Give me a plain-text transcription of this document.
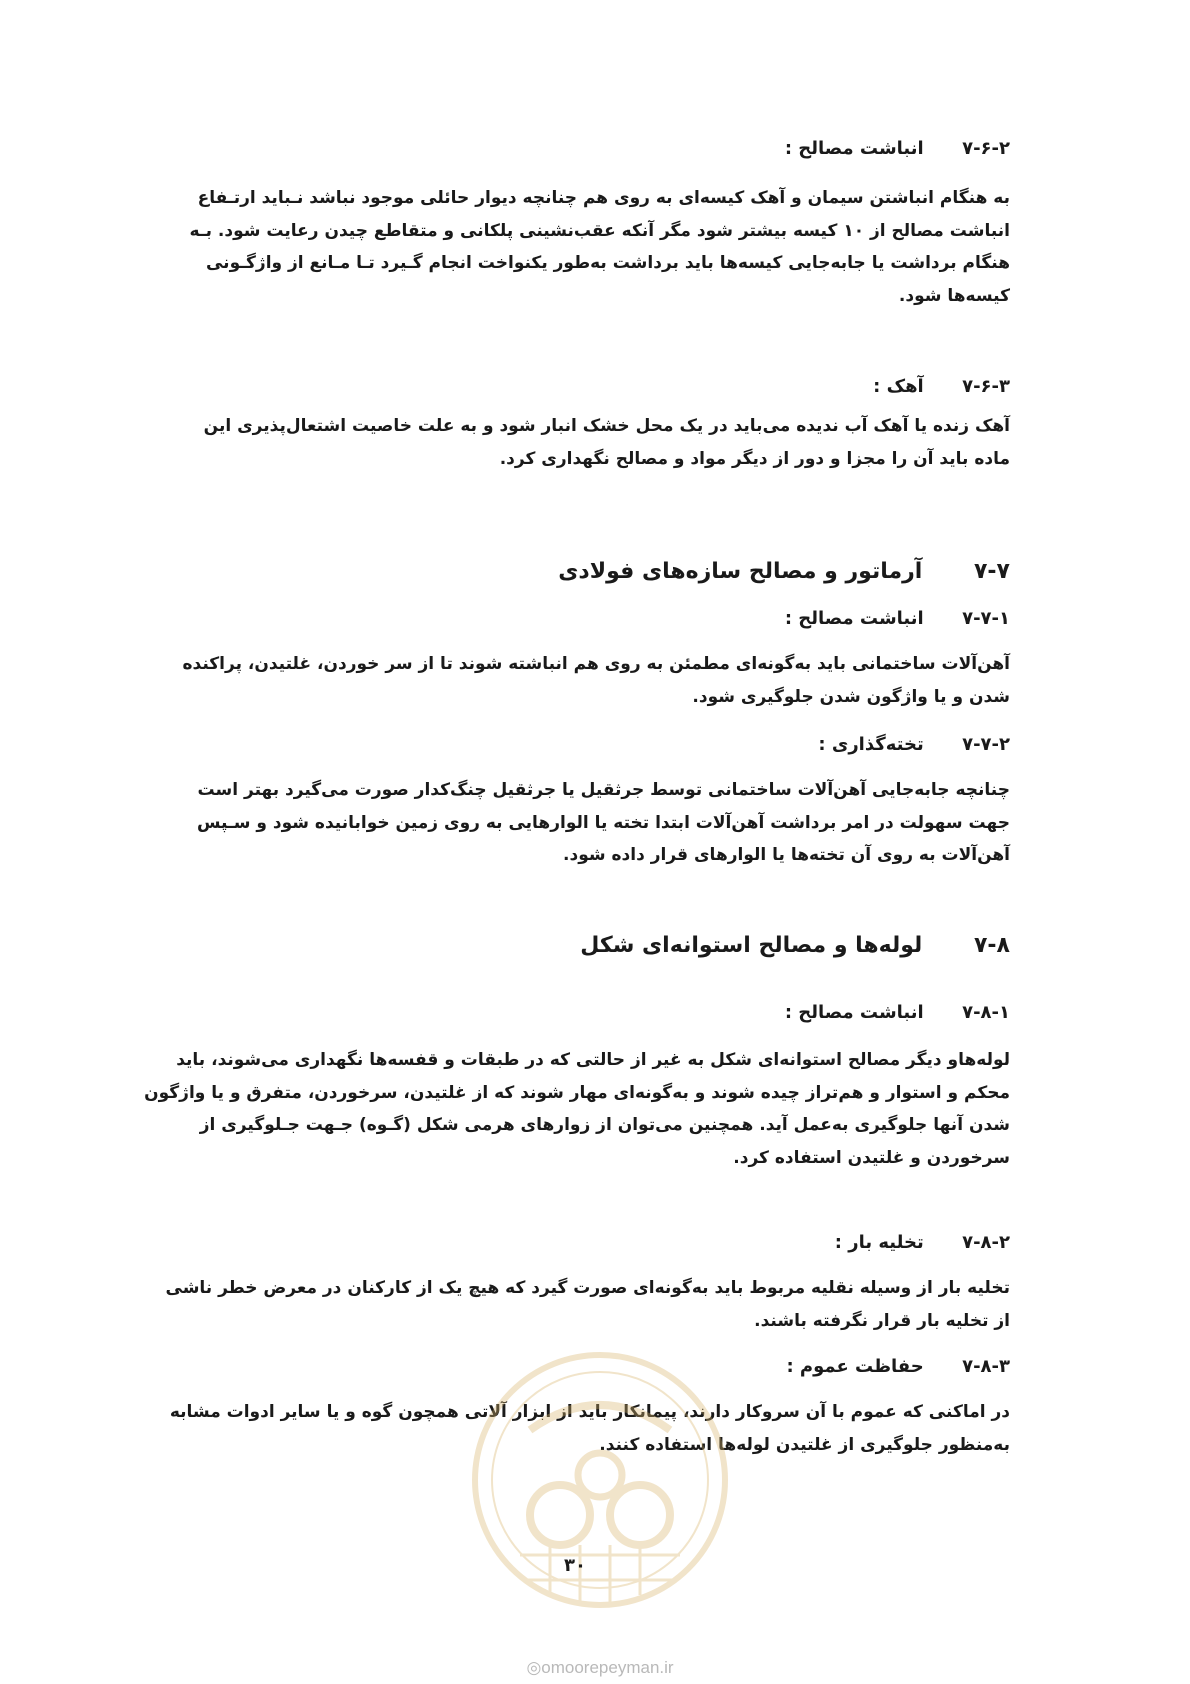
۷-۶-۲ انباشت مصالح :
به هنگام انباشتن سیمان و آهک کیسه‌ای به روی هم چنانچه دیوار حائلی موجود نباشد نـباید ارتـفاع
انباشت مصالح از ۱۰ کیسه بیشتر شود مگر آنکه عقب‌نشینی پلکانی و متقاطع چیدن رعایت شود. بـه
هنگام برداشت یا جابه‌جایی کیسه‌ها باید برداشت به‌طور یکنواخت انجام گـیرد تـا مـانع از واژگـونی
کیسه‌ها شود.
۷-۶-۳ آهک :
آهک زنده یا آهک آب ندیده می‌باید در یک محل خشک انبار شود و به علت خاصیت اشتعال‌پذیری این
ماده باید آن را مجزا و دور از دیگر مواد و مصالح نگهداری کرد.
۷-۷ آرماتور و مصالح سازه‌های فولادی
۷-۷-۱ انباشت مصالح :
آهن‌آلات ساختمانی باید به‌گونه‌ای مطمئن به روی هم انباشته شوند تا از سر خوردن، غلتیدن، پراکنده
شدن و یا واژگون شدن جلوگیری شود.
۷-۷-۲ تخته‌گذاری :
چنانچه جابه‌جایی آهن‌آلات ساختمانی توسط جرثقیل یا جرثقیل چنگ‌کدار صورت می‌گیرد بهتر است
جهت سهولت در امر برداشت آهن‌آلات ابتدا تخته یا الوارهایی به روی زمین خوابانیده شود و سـپس
آهن‌آلات به روی آن تخته‌ها یا الوارهای قرار داده شود.
۷-۸ لوله‌ها و مصالح استوانه‌ای شکل
۷-۸-۱ انباشت مصالح :
لوله‌هاو دیگر مصالح استوانه‌ای شکل به غیر از حالتی که در طبقات و قفسه‌ها نگهداری می‌شوند، باید
محکم و استوار و هم‌تراز چیده شوند و به‌گونه‌ای مهار شوند که از غلتیدن، سرخوردن، متفرق و یا واژگون
شدن آنها جلوگیری به‌عمل آید. همچنین می‌توان از زوارهای هرمی شکل (گـوه) جـهت جـلوگیری از
سرخوردن و غلتیدن استفاده کرد.
۷-۸-۲ تخلیه بار :
تخلیه بار از وسیله نقلیه مربوط باید به‌گونه‌ای صورت گیرد که هیچ یک از کارکنان در معرض خطر ناشی
از تخلیه بار قرار نگرفته باشند.
۷-۸-۳ حفاظت عموم :
در اماکنی که عموم با آن سروکار دارند، پیمانکار باید از ابزار آلاتی همچون گوه و یا سایر ادوات مشابه
به‌منظور جلوگیری از غلتیدن لوله‌ها استفاده کنند.
۳۰
◎omoorepeyman.ir
